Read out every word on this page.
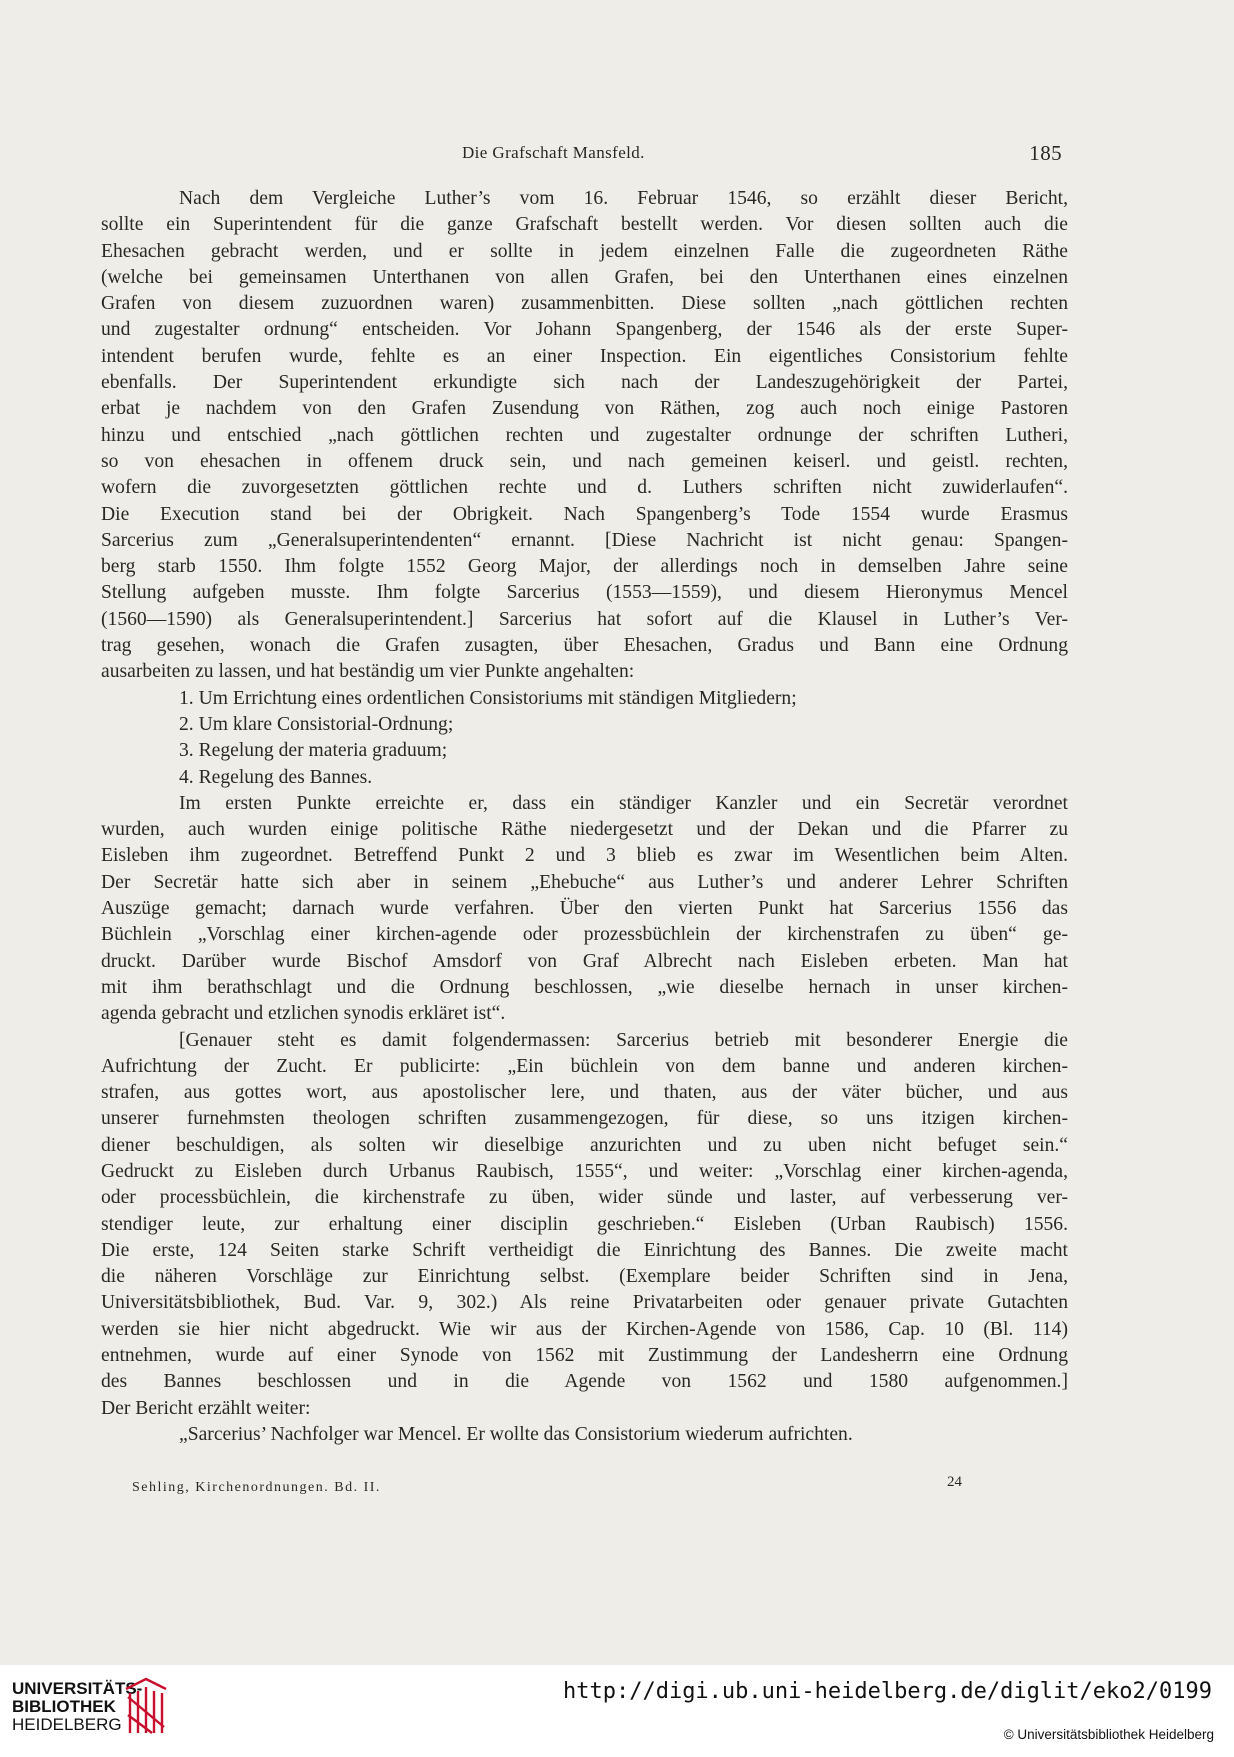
Die Grafschaft Mansfeld.	185
Nach dem Vergleiche Luther’s vom 16. Februar 1546, so erzählt dieser Bericht,
sollte ein Superintendent für die ganze Grafschaft bestellt werden. Vor diesen sollten auch die
Ehesachen gebracht werden, und er sollte in jedem einzelnen Falle die zugeordneten Räthe
(welche bei gemeinsamen Unterthanen von allen Grafen, bei den Unterthanen eines einzelnen
Grafen von diesem zuzuordnen waren) zusammenbitten. Diese sollten „nach göttlichen rechten
und zugestalter ordnung“ entscheiden. Vor Johann Spangenberg, der 1546 als der erste Super-
intendent berufen wurde, fehlte es an einer Inspection. Ein eigentliches Consistorium fehlte
ebenfalls. Der Superintendent erkundigte sich nach der Landeszugehörigkeit der Partei,
erbat je nachdem von den Grafen Zusendung von Räthen, zog auch noch einige Pastoren
hinzu und entschied „nach göttlichen rechten und zugestalter ordnunge der schriften Lutheri,
so von ehesachen in offenem druck sein, und nach gemeinen keiserl. und geistl. rechten,
wofern die zuvorgesetzten göttlichen rechte und d. Luthers schriften nicht zuwiderlaufen“.
Die Execution stand bei der Obrigkeit. Nach Spangenberg’s Tode 1554 wurde Erasmus
Sarcerius zum „Generalsuperintendenten“ ernannt. [Diese Nachricht ist nicht genau: Spangen-
berg starb 1550. Ihm folgte 1552 Georg Major, der allerdings noch in demselben Jahre seine
Stellung aufgeben musste. Ihm folgte Sarcerius (1553—1559), und diesem Hieronymus Mencel
(1560—1590) als Generalsuperintendent.] Sarcerius hat sofort auf die Klausel in Luther’s Ver-
trag gesehen, wonach die Grafen zusagten, über Ehesachen, Gradus und Bann eine Ordnung
ausarbeiten zu lassen, und hat beständig um vier Punkte angehalten:
1. Um Errichtung eines ordentlichen Consistoriums mit ständigen Mitgliedern;
2. Um klare Consistorial-Ordnung;
3. Regelung der materia graduum;
4. Regelung des Bannes.
Im ersten Punkte erreichte er, dass ein ständiger Kanzler und ein Secretär verordnet
wurden, auch wurden einige politische Räthe niedergesetzt und der Dekan und die Pfarrer zu
Eisleben ihm zugeordnet. Betreffend Punkt 2 und 3 blieb es zwar im Wesentlichen beim Alten.
Der Secretär hatte sich aber in seinem „Ehebuche“ aus Luther’s und anderer Lehrer Schriften
Auszüge gemacht; darnach wurde verfahren. Über den vierten Punkt hat Sarcerius 1556 das
Büchlein „Vorschlag einer kirchen-agende oder prozessbüchlein der kirchenstrafen zu üben“ ge-
druckt. Darüber wurde Bischof Amsdorf von Graf Albrecht nach Eisleben erbeten. Man hat
mit ihm berathschlagt und die Ordnung beschlossen, „wie dieselbe hernach in unser kirchen-
agenda gebracht und etzlichen synodis erkläret ist“.
[Genauer steht es damit folgendermassen: Sarcerius betrieb mit besonderer Energie die
Aufrichtung der Zucht. Er publicirte: „Ein büchlein von dem banne und anderen kirchen-
strafen, aus gottes wort, aus apostolischer lere, und thaten, aus der väter bücher, und aus
unserer furnehmsten theologen schriften zusammengezogen, für diese, so uns itzigen kirchen-
diener beschuldigen, als solten wir dieselbige anzurichten und zu uben nicht befuget sein.“
Gedruckt zu Eisleben durch Urbanus Raubisch, 1555“, und weiter: „Vorschlag einer kirchen-agenda,
oder processbüchlein, die kirchenstrafe zu üben, wider sünde und laster, auf verbesserung ver-
stendiger leute, zur erhaltung einer disciplin geschrieben.“ Eisleben (Urban Raubisch) 1556.
Die erste, 124 Seiten starke Schrift vertheidigt die Einrichtung des Bannes. Die zweite macht
die näheren Vorschläge zur Einrichtung selbst. (Exemplare beider Schriften sind in Jena,
Universitätsbibliothek, Bud. Var. 9, 302.) Als reine Privatarbeiten oder genauer private Gutachten
werden sie hier nicht abgedruckt. Wie wir aus der Kirchen-Agende von 1586, Cap. 10 (Bl. 114)
entnehmen, wurde auf einer Synode von 1562 mit Zustimmung der Landesherrn eine Ordnung
des Bannes beschlossen und in die Agende von 1562 und 1580 aufgenommen.]
Der Bericht erzählt weiter:
„Sarcerius’ Nachfolger war Mencel. Er wollte das Consistorium wiederum aufrichten.
Sehling, Kirchenordnungen. Bd. II.	24
UNIVERSITÄTS-
BIBLIOTHEK
HEIDELBERG
http://digi.ub.uni-heidelberg.de/diglit/eko2/0199
© Universitätsbibliothek Heidelberg
